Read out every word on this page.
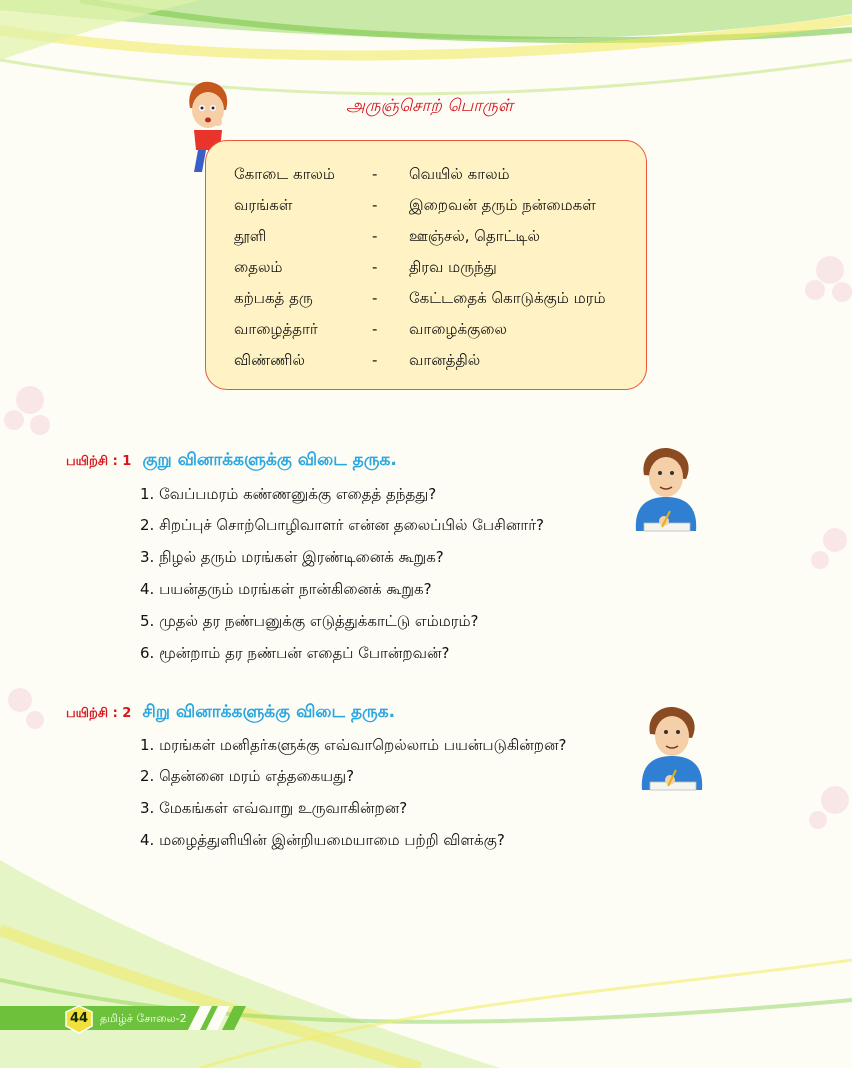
அருஞ்சொற் பொருள்
கோடை காலம் - வெயில் காலம்
வரங்கள்	- இறைவன் தரும் நன்மைகள்
தூளி	- ஊஞ்சல், தொட்டில்
தைலம்	- திரவ மருந்து
கற்பகத் தரு	- கேட்டதைக் கொடுக்கும் மரம்
வாழைத்தார்	- வாழைக்குலை
விண்ணில்	- வானத்தில்
பயிற்சி : 1 குறு வினாக்களுக்கு விடை தருக.
1. வேப்பமரம் கண்ணனுக்கு எதைத் தந்தது?
2. சிறப்புச் சொற்பொழிவாளர் என்ன தலைப்பில் பேசினார்?
3. நிழல் தரும் மரங்கள் இரண்டினைக் கூறுக?
4. பயன்தரும் மரங்கள் நான்கினைக் கூறுக?
5. முதல் தர நண்பனுக்கு எடுத்துக்காட்டு எம்மரம்?
6. மூன்றாம் தர நண்பன் எதைப் போன்றவன்?
பயிற்சி : 2 சிறு வினாக்களுக்கு விடை தருக.
1. மரங்கள் மனிதர்களுக்கு எவ்வாறெல்லாம் பயன்படுகின்றன?
2. தென்னை மரம் எத்தகையது?
3. மேகங்கள் எவ்வாறு உருவாகின்றன?
4. மழைத்துளியின் இன்றியமையாமை பற்றி விளக்கு?
44	தமிழ்ச் சோலை-2
